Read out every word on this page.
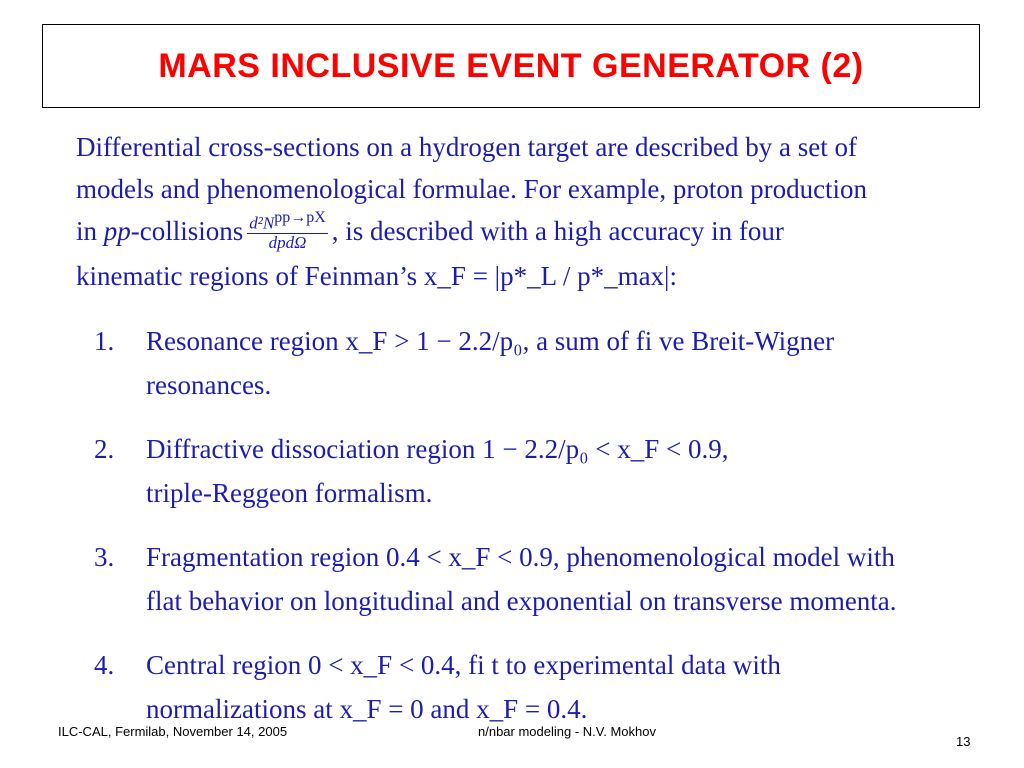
MARS INCLUSIVE EVENT GENERATOR (2)

Differential cross-sections on a hydrogen target are described by a set of
models and phenomenological formulae. For example, proton production
in pp-collisions $\frac{d^2N^{pp\to pX}}{\text{dpdΩ}}$ , is described with a high accuracy in four
kinematic regions of Feinman’s x_F = |p*_L / p*_max|:

1.	Resonance region x_F > 1 − 2.2/p₀, a sum of fi ve Breit-Wigner
resonances.
2.	Diffractive dissociation region 1 − 2.2/p₀ < x_F < 0.9,
triple-Reggeon formalism.
3.	Fragmentation region 0.4 < x_F < 0.9, phenomenological model with
flat behavior on longitudinal and exponential on transverse momenta.
4.	Central region 0 < x_F < 0.4, fi t to experimental data with
normalizations at x_F = 0 and x_F = 0.4.
ILC-CAL, Fermilab, November 14, 2005	n/nbar modeling - N.V. Mokhov
13
